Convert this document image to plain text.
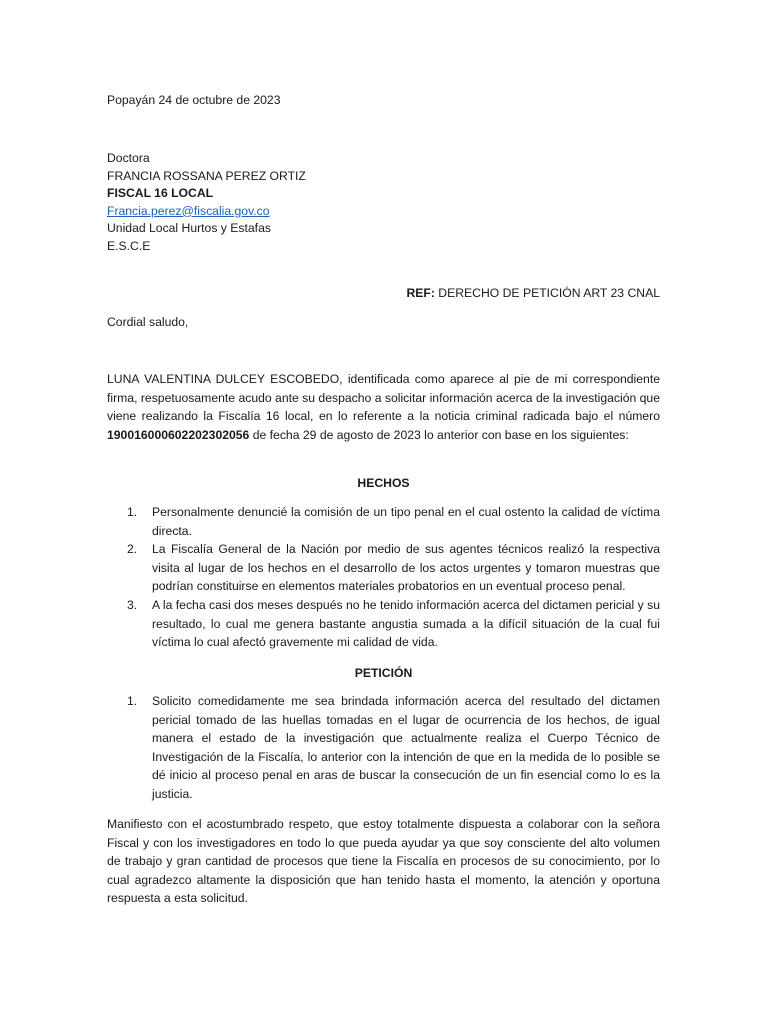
Popayán 24 de octubre de 2023
Doctora
FRANCIA ROSSANA PEREZ ORTIZ
FISCAL 16 LOCAL
Francia.perez@fiscalia.gov.co
Unidad Local Hurtos y Estafas
E.S.C.E
REF: DERECHO DE PETICIÓN ART 23 CNAL
Cordial saludo,
LUNA VALENTINA DULCEY ESCOBEDO, identificada como aparece al pie de mi correspondiente firma, respetuosamente acudo ante su despacho a solicitar información acerca de la investigación que viene realizando la Fiscalía 16 local, en lo referente a la noticia criminal radicada bajo el número 190016000602202302056 de fecha 29 de agosto de 2023 lo anterior con base en los siguientes:
HECHOS
1. Personalmente denuncié la comisión de un tipo penal en el cual ostento la calidad de víctima directa.
2. La Fiscalía General de la Nación por medio de sus agentes técnicos realizó la respectiva visita al lugar de los hechos en el desarrollo de los actos urgentes y tomaron muestras que podrían constituirse en elementos materiales probatorios en un eventual proceso penal.
3. A la fecha casi dos meses después no he tenido información acerca del dictamen pericial y su resultado, lo cual me genera bastante angustia sumada a la difícil situación de la cual fui víctima lo cual afectó gravemente mi calidad de vida.
PETICIÓN
1. Solicito comedidamente me sea brindada información acerca del resultado del dictamen pericial tomado de las huellas tomadas en el lugar de ocurrencia de los hechos, de igual manera el estado de la investigación que actualmente realiza el Cuerpo Técnico de Investigación de la Fiscalía, lo anterior con la intención de que en la medida de lo posible se dé inicio al proceso penal en aras de buscar la consecución de un fin esencial como lo es la justicia.
Manifiesto con el acostumbrado respeto, que estoy totalmente dispuesta a colaborar con la señora Fiscal y con los investigadores en todo lo que pueda ayudar ya que soy consciente del alto volumen de trabajo y gran cantidad de procesos que tiene la Fiscalía en procesos de su conocimiento, por lo cual agradezco altamente la disposición que han tenido hasta el momento, la atención y oportuna respuesta a esta solicitud.
